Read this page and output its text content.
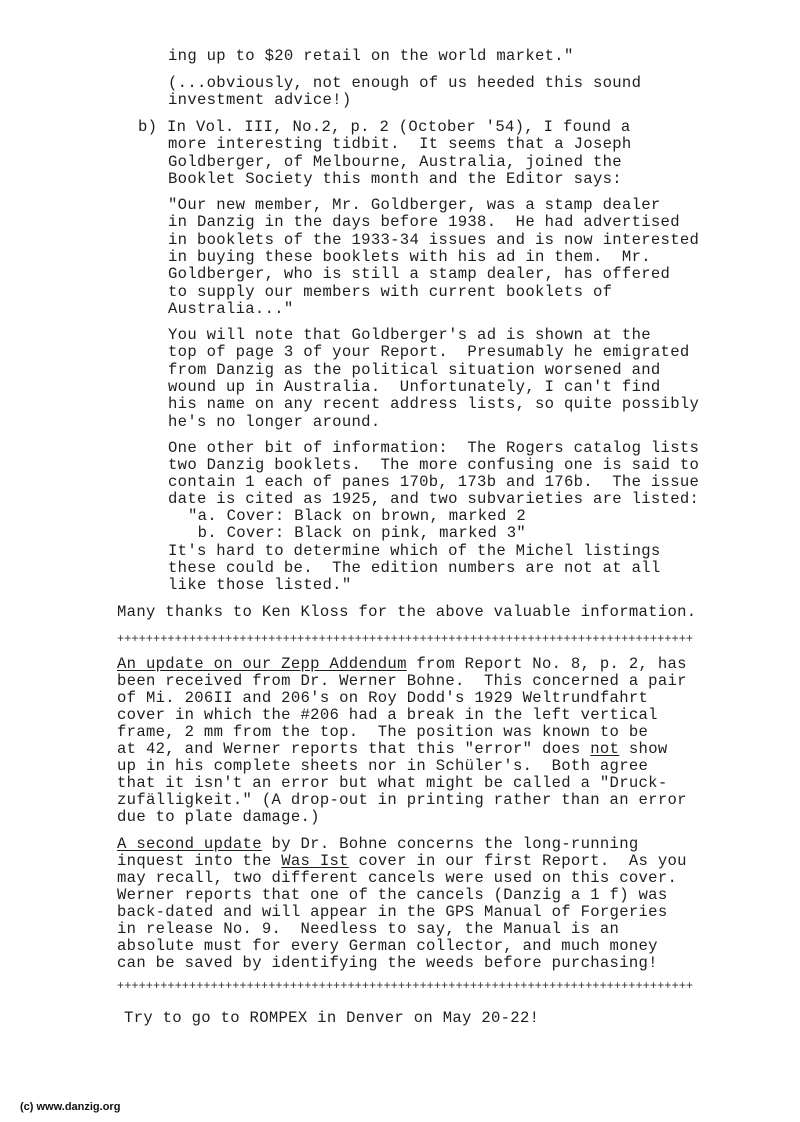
ing up to $20 retail on the world market."
(...obviously, not enough of us heeded this sound
investment advice!)
b) In Vol. III, No.2, p. 2 (October '54), I found a
more interesting tidbit.  It seems that a Joseph
Goldberger, of Melbourne, Australia, joined the
Booklet Society this month and the Editor says:
"Our new member, Mr. Goldberger, was a stamp dealer
in Danzig in the days before 1938.  He had advertised
in booklets of the 1933-34 issues and is now interested
in buying these booklets with his ad in them.  Mr.
Goldberger, who is still a stamp dealer, has offered
to supply our members with current booklets of
Australia..."
You will note that Goldberger's ad is shown at the
top of page 3 of your Report.  Presumably he emigrated
from Danzig as the political situation worsened and
wound up in Australia.  Unfortunately, I can't find
his name on any recent address lists, so quite possibly
he's no longer around.
One other bit of information:  The Rogers catalog lists
two Danzig booklets.  The more confusing one is said to
contain 1 each of panes 170b, 173b and 176b.  The issue
date is cited as 1925, and two subvarieties are listed:
"a. Cover: Black on brown, marked 2
b. Cover: Black on pink, marked 3"
It's hard to determine which of the Michel listings
these could be.  The edition numbers are not at all
like those listed."
Many thanks to Ken Kloss for the above valuable information.
++++++++++++++++++++++++++++++++++++++++++++++++++++++++++++++++++++++++++++++++
An update on our Zepp Addendum from Report No. 8, p. 2, has
been received from Dr. Werner Bohne.  This concerned a pair
of Mi. 206II and 206's on Roy Dodd's 1929 Weltrundfahrt
cover in which the #206 had a break in the left vertical
frame, 2 mm from the top.  The position was known to be
at 42, and Werner reports that this "error" does not show
up in his complete sheets nor in Schüler's.  Both agree
that it isn't an error but what might be called a "Druck-
zufälligkeit." (A drop-out in printing rather than an error
due to plate damage.)
A second update by Dr. Bohne concerns the long-running
inquest into the Was Ist cover in our first Report.  As you
may recall, two different cancels were used on this cover.
Werner reports that one of the cancels (Danzig a 1 f) was
back-dated and will appear in the GPS Manual of Forgeries
in release No. 9.  Needless to say, the Manual is an
absolute must for every German collector, and much money
can be saved by identifying the weeds before purchasing!
++++++++++++++++++++++++++++++++++++++++++++++++++++++++++++++++++++++++++++++++
Try to go to ROMPEX in Denver on May 20-22!
(c) www.danzig.org
